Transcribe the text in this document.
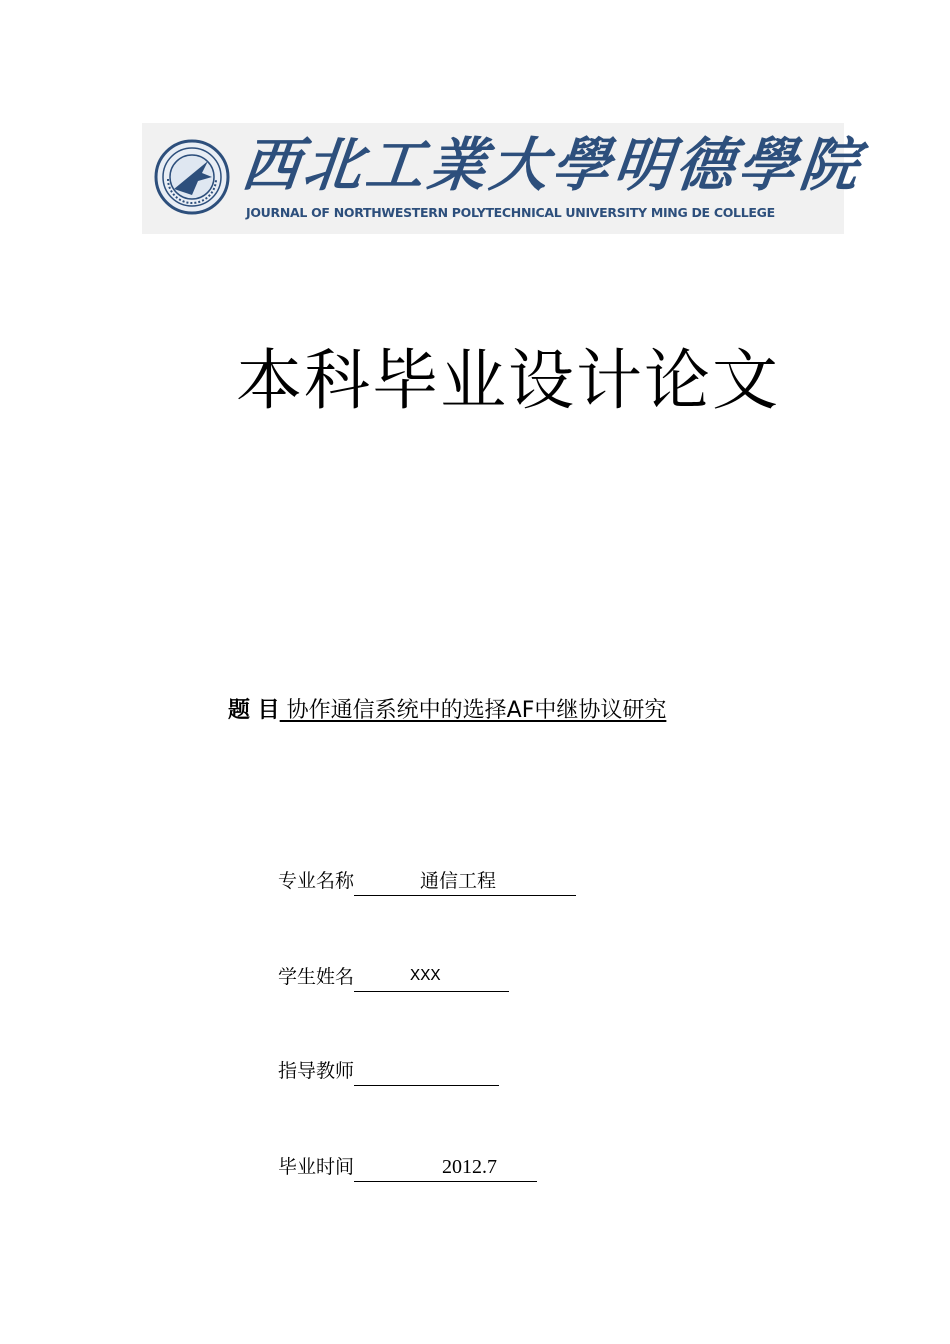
西北工業大學明德學院
JOURNAL OF NORTHWESTERN POLYTECHNICAL UNIVERSITY MING DE COLLEGE
本科毕业设计论文
题 目 协作通信系统中的选择AF中继协议研究
专业名称	通信工程
学生姓名	XXX
指导教师
毕业时间	2012.7
